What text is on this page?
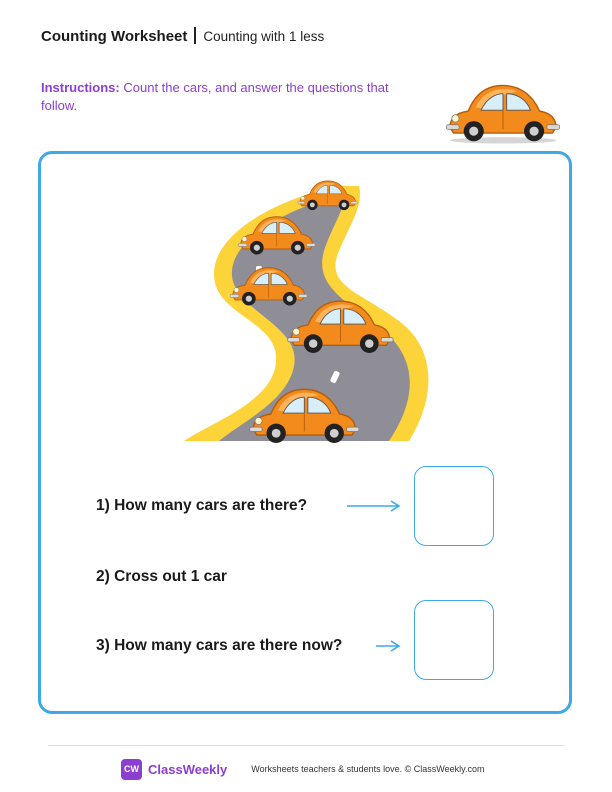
Counting Worksheet Counting with 1 less
Instructions: Count the cars, and answer the questions that follow.
1) How many cars are there?
2) Cross out 1 car
3) How many cars are there now?
CW ClassWeekly	Worksheets teachers & students love. © ClassWeekly.com
